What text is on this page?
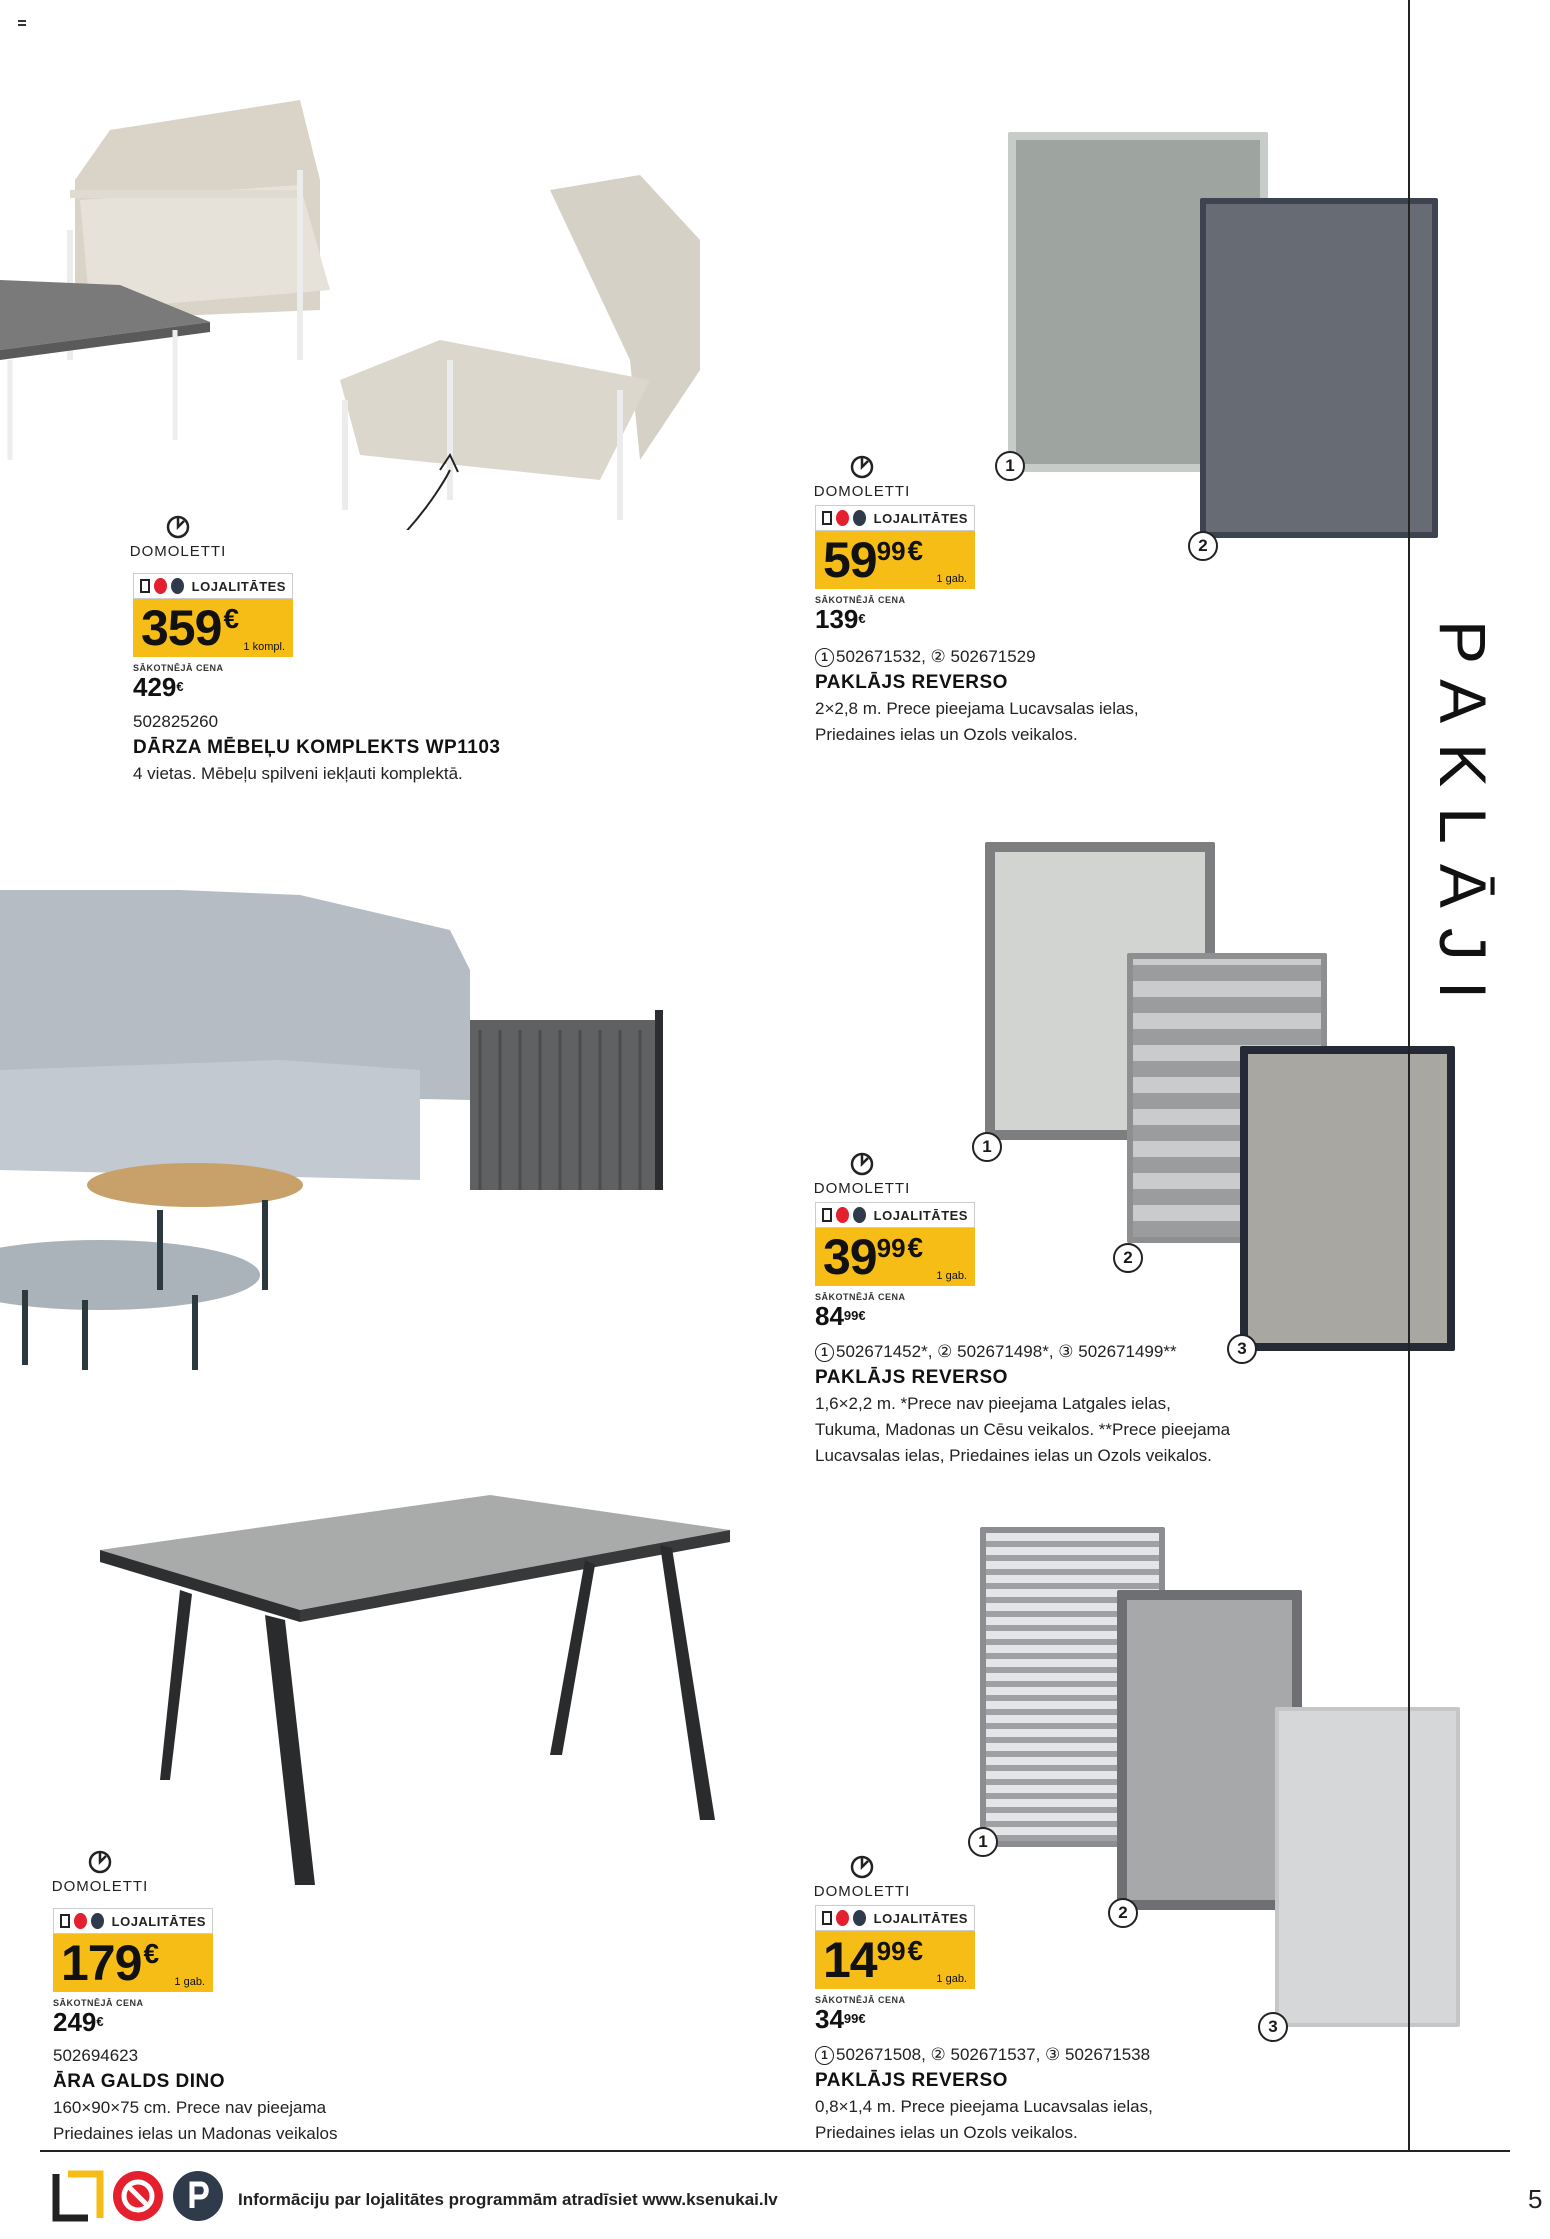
DOMOLETTI
LOJALITĀTES
359 €
1 kompl.
SĀKOTNĒJĀ CENA
429€
502825260
DĀRZA MĒBEĻU KOMPLEKTS WP1103
4 vietas. Mēbeļu spilveni iekļauti komplektā.
DOMOLETTI
LOJALITĀTES
179 €
1 gab.
SĀKOTNĒJĀ CENA
249€
502694623
ĀRA GALDS DINO
160×90×75 cm. Prece nav pieejama
Priedaines ielas un Madonas veikalos
1
2
DOMOLETTI
LOJALITĀTES
59 99 €
1 gab.
SĀKOTNĒJĀ CENA
139€
1 502671532, ② 502671529
PAKLĀJS REVERSO
2×2,8 m. Prece pieejama Lucavsalas ielas,
Priedaines ielas un Ozols veikalos.
1
2
3
DOMOLETTI
LOJALITĀTES
39 99 €
1 gab.
SĀKOTNĒJĀ CENA
$84^{99€}$
1 502671452*, ② 502671498*, ③ 502671499**
PAKLĀJS REVERSO
1,6×2,2 m. *Prece nav pieejama Latgales ielas,
Tukuma, Madonas un Cēsu veikalos. **Prece pieejama
Lucavsalas ielas, Priedaines ielas un Ozols veikalos.
1
2
3
DOMOLETTI
LOJALITĀTES
14 99 €
1 gab.
SĀKOTNĒJĀ CENA
$34^{99€}$
1 502671508, ② 502671537, ③ 502671538
PAKLĀJS REVERSO
0,8×1,4 m. Prece pieejama Lucavsalas ielas,
Priedaines ielas un Ozols veikalos.
PAKLĀJI
Informāciju par lojalitātes programmām atradīsiet www.ksenukai.lv	5
